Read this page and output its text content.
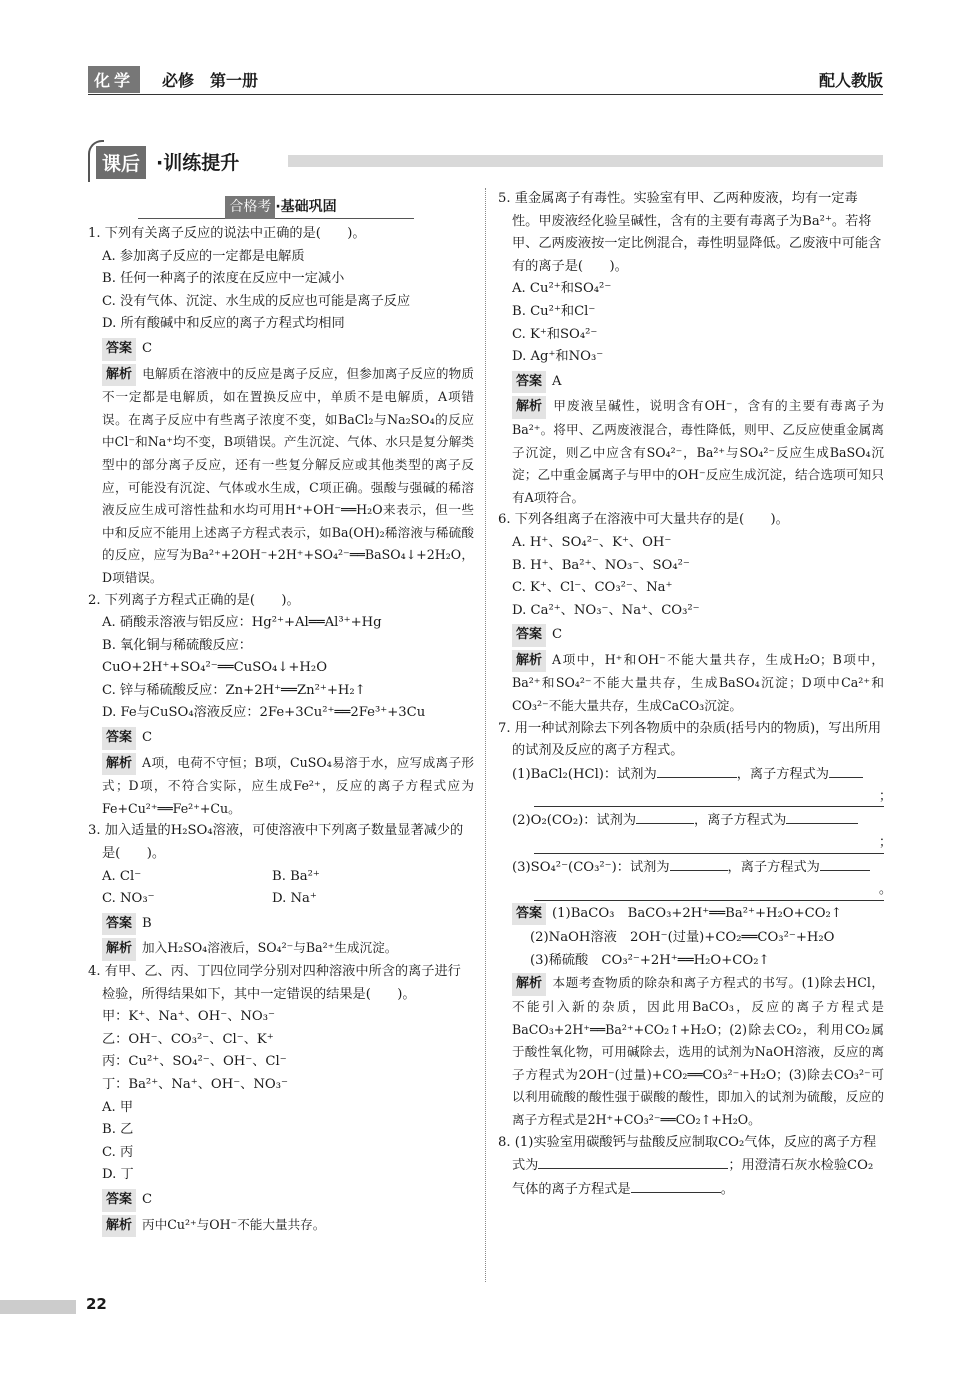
化学	必修　第一册	配人教版
课后 ·训练提升
合格考 ·基础巩固
1. 下列有关离子反应的说法中正确的是(　　)。
A. 参加离子反应的一定都是电解质
B. 任何一种离子的浓度在反应中一定减小
C. 没有气体、沉淀、水生成的反应也可能是离子反应
D. 所有酸碱中和反应的离子方程式均相同
答案 C
解析 电解质在溶液中的反应是离子反应，但参加离子反应的物质不一定都是电解质，如在置换反应中，单质不是电解质，A项错误。在离子反应中有些离子浓度不变，如BaCl₂与Na₂SO₄的反应中Cl⁻和Na⁺均不变，B项错误。产生沉淀、气体、水只是复分解类型中的部分离子反应，还有一些复分解反应或其他类型的离子反应，可能没有沉淀、气体或水生成，C项正确。强酸与强碱的稀溶液反应生成可溶性盐和水均可用H⁺+OH⁻══H₂O来表示，但一些中和反应不能用上述离子方程式表示，如Ba(OH)₂稀溶液与稀硫酸的反应，应写为Ba²⁺+2OH⁻+2H⁺+SO₄²⁻══BaSO₄↓+2H₂O，D项错误。
2. 下列离子方程式正确的是(　　)。
A. 硝酸汞溶液与铝反应：Hg²⁺+Al══Al³⁺+Hg
B. 氧化铜与稀硫酸反应：CuO+2H⁺+SO₄²⁻══CuSO₄↓+H₂O
C. 锌与稀硫酸反应：Zn+2H⁺══Zn²⁺+H₂↑
D. Fe与CuSO₄溶液反应：2Fe+3Cu²⁺══2Fe³⁺+3Cu
答案 C
解析 A项，电荷不守恒；B项，CuSO₄易溶于水，应写成离子形式；D项，不符合实际，应生成Fe²⁺，反应的离子方程式应为Fe+Cu²⁺══Fe²⁺+Cu。
3. 加入适量的H₂SO₄溶液，可使溶液中下列离子数量显著减少的是(　　)。
A. Cl⁻	B. Ba²⁺
C. NO₃⁻	D. Na⁺
答案 B
解析 加入H₂SO₄溶液后，SO₄²⁻与Ba²⁺生成沉淀。
4. 有甲、乙、丙、丁四位同学分别对四种溶液中所含的离子进行检验，所得结果如下，其中一定错误的结果是(　　)。
甲：K⁺、Na⁺、OH⁻、NO₃⁻
乙：OH⁻、CO₃²⁻、Cl⁻、K⁺
丙：Cu²⁺、SO₄²⁻、OH⁻、Cl⁻
丁：Ba²⁺、Na⁺、OH⁻、NO₃⁻
A. 甲
B. 乙
C. 丙
D. 丁
答案 C
解析 丙中Cu²⁺与OH⁻不能大量共存。
5. 重金属离子有毒性。实验室有甲、乙两种废液，均有一定毒性。甲废液经化验呈碱性，含有的主要有毒离子为Ba²⁺。若将甲、乙两废液按一定比例混合，毒性明显降低。乙废液中可能含有的离子是(　　)。
A. Cu²⁺和SO₄²⁻
B. Cu²⁺和Cl⁻
C. K⁺和SO₄²⁻
D. Ag⁺和NO₃⁻
答案 A
解析 甲废液呈碱性，说明含有OH⁻，含有的主要有毒离子为Ba²⁺。将甲、乙两废液混合，毒性降低，则甲、乙反应使重金属离子沉淀，则乙中应含有SO₄²⁻，Ba²⁺与SO₄²⁻反应生成BaSO₄沉淀；乙中重金属离子与甲中的OH⁻反应生成沉淀，结合选项可知只有A项符合。
6. 下列各组离子在溶液中可大量共存的是(　　)。
A. H⁺、SO₄²⁻、K⁺、OH⁻
B. H⁺、Ba²⁺、NO₃⁻、SO₄²⁻
C. K⁺、Cl⁻、CO₃²⁻、Na⁺
D. Ca²⁺、NO₃⁻、Na⁺、CO₃²⁻
答案 C
解析 A项中，H⁺和OH⁻不能大量共存，生成H₂O；B项中，Ba²⁺和SO₄²⁻不能大量共存，生成BaSO₄沉淀；D项中Ca²⁺和CO₃²⁻不能大量共存，生成CaCO₃沉淀。
7. 用一种试剂除去下列各物质中的杂质(括号内的物质)，写出所用的试剂及反应的离子方程式。
(1)BaCl₂(HCl)：试剂为	，离子方程式为
；
(2)O₂(CO₂)：试剂为	，离子方程式为
；
(3)SO₄²⁻(CO₃²⁻)：试剂为	，离子方程式为
。
答案 (1)BaCO₃　BaCO₃+2H⁺══Ba²⁺+H₂O+CO₂↑
(2)NaOH溶液　2OH⁻(过量)+CO₂══CO₃²⁻+H₂O
(3)稀硫酸　CO₃²⁻+2H⁺══H₂O+CO₂↑
解析 本题考查物质的除杂和离子方程式的书写。(1)除去HCl，不能引入新的杂质，因此用BaCO₃，反应的离子方程式是BaCO₃+2H⁺══Ba²⁺+CO₂↑+H₂O；(2)除去CO₂，利用CO₂属于酸性氧化物，可用碱除去，选用的试剂为NaOH溶液，反应的离子方程式为2OH⁻(过量)+CO₂══CO₃²⁻+H₂O；(3)除去CO₃²⁻可以利用硫酸的酸性强于碳酸的酸性，即加入的试剂为硫酸，反应的离子方程式是2H⁺+CO₃²⁻══CO₂↑+H₂O。
8. (1)实验室用碳酸钙与盐酸反应制取CO₂气体，反应的离子方程式为	；用澄清石灰水检验CO₂气体的离子方程式是	。
22
